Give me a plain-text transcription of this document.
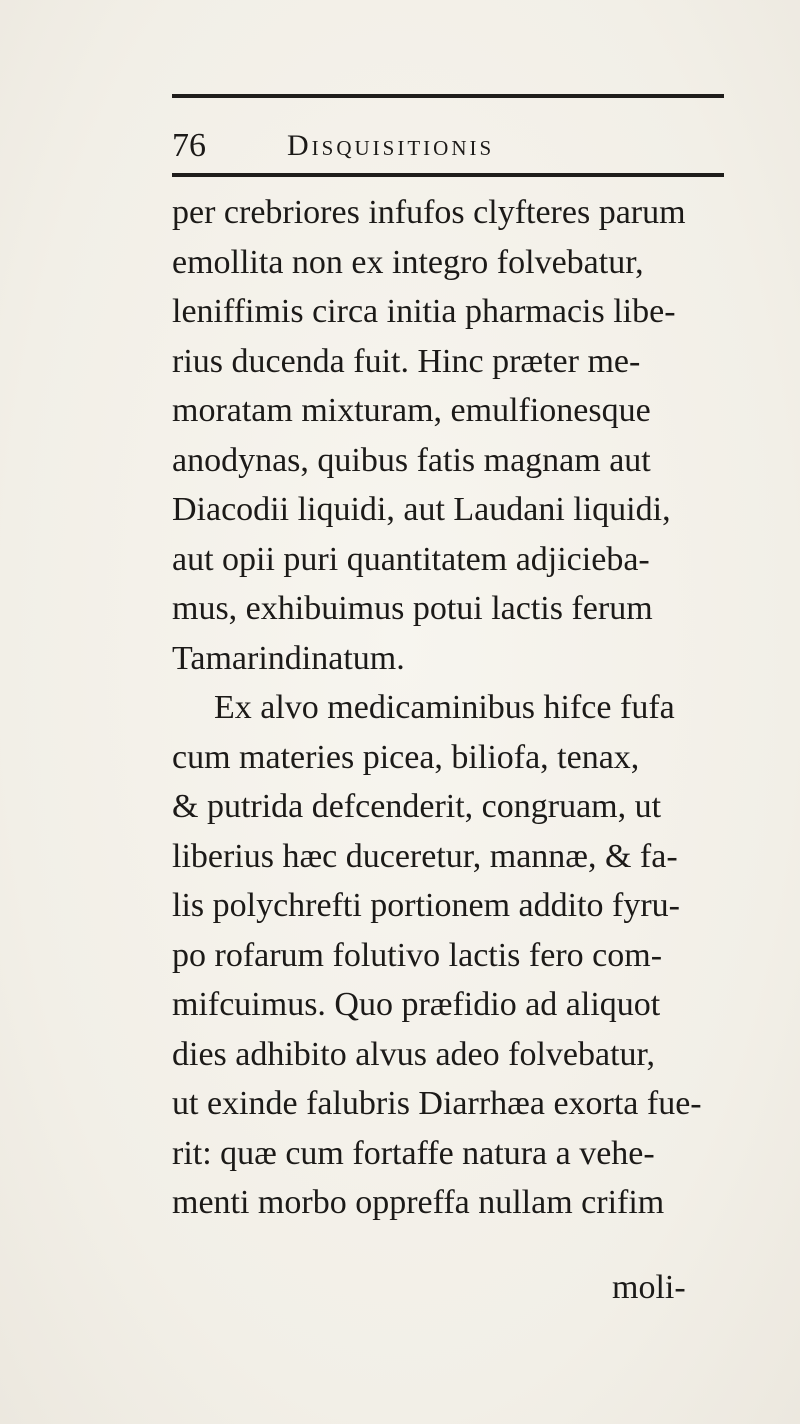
76	Disquisitionis
per crebriores infufos clyfteres parum
emollita non ex integro folvebatur,
leniffimis circa initia pharmacis libe-
rius ducenda fuit. Hinc præter me-
moratam mixturam, emulfionesque
anodynas, quibus fatis magnam aut
Diacodii liquidi, aut Laudani liquidi,
aut opii puri quantitatem adjicieba-
mus, exhibuimus potui lactis ferum
Tamarindinatum.
Ex alvo medicaminibus hifce fufa
cum materies picea, biliofa, tenax,
& putrida defcenderit, congruam, ut
liberius hæc duceretur, mannæ, & fa-
lis polychrefti portionem addito fyru-
po rofarum folutivo lactis fero com-
mifcuimus. Quo præfidio ad aliquot
dies adhibito alvus adeo folvebatur,
ut exinde falubris Diarrhæa exorta fue-
rit: quæ cum fortaffe natura a vehe-
menti morbo oppreffa nullam crifim
moli-
